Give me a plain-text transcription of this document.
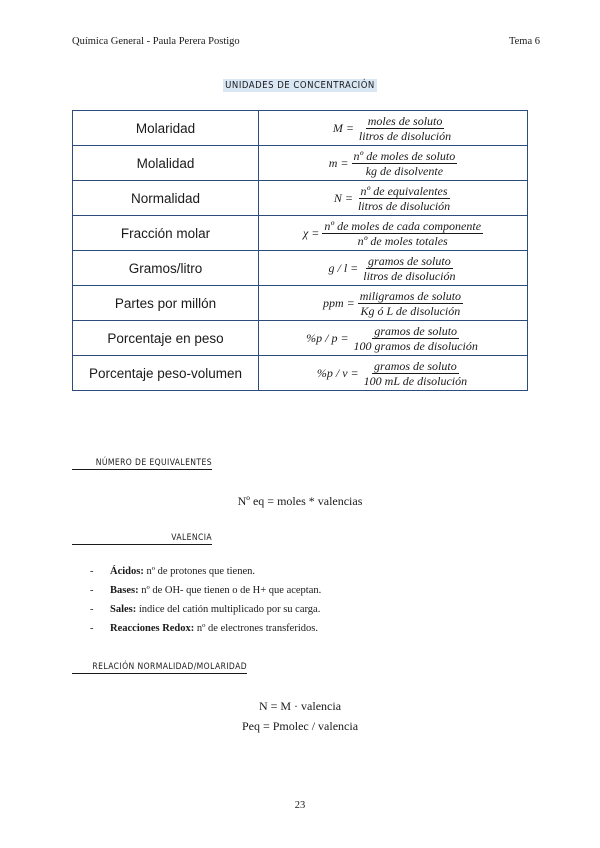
Química General - Paula Perera Postigo	Tema 6
UNIDADES DE CONCENTRACIÓN
Molaridad	$M = \frac{\text{moles de soluto}}{\text{litros de disolución}}$

Molalidad	$m = \frac{\text{nº de moles de soluto}}{\text{kg de disolvente}}$

Normalidad	$N = \frac{\text{nº de equivalentes}}{\text{litros de disolución}}$

Fracción molar	$\chi = \frac{\text{nº de moles de cada componente}}{\text{nº de moles totales}}$

Gramos/litro	$g / l = \frac{\text{gramos de soluto}}{\text{litros de disolución}}$

Partes por millón	ppm = $\frac{\text{miligramos de soluto}}{\text{Kg ó L de disolución}}$

Porcentaje en peso	$\%p / p = \frac{\text{gramos de soluto}}{\text{100 gramos de disolución}}$

Porcentaje peso-volumen	$\%p / v = \frac{\text{gramos de soluto}}{\text{100 mL de disolución}}$
NÚMERO DE EQUIVALENTES
Nº eq = moles * valencias
VALENCIA
- Ácidos: nº de protones que tienen.
- Bases: nº de OH- que tienen o de H+ que aceptan.
- Sales: índice del catión multiplicado por su carga.
- Reacciones Redox: nº de electrones transferidos.
RELACIÓN NORMALIDAD/MOLARIDAD
N = M · valencia
Peq = Pmolec / valencia
23
